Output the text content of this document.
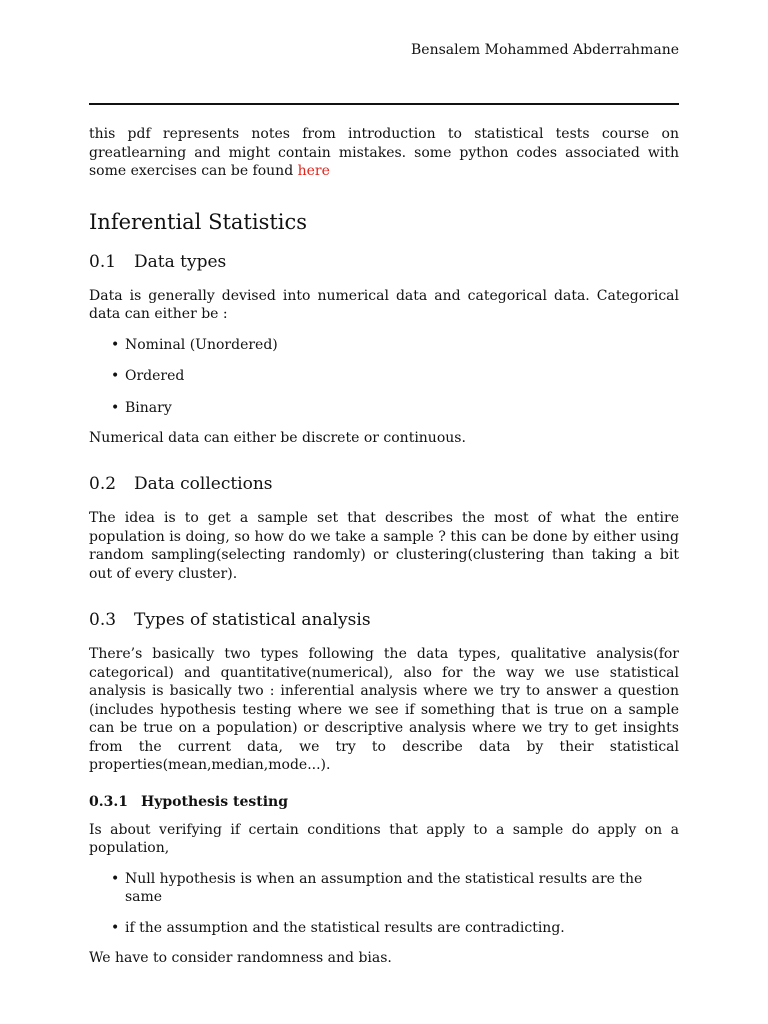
Bensalem Mohammed Abderrahmane

this pdf represents notes from introduction to statistical tests course on greatlearning and might contain mistakes. some python codes associated with some exercises can be found here

Inferential Statistics
0.1 Data types

Data is generally devised into numerical data and categorical data. Categorical data can either be :

• Nominal (Unordered)
• Ordered
• Binary

Numerical data can either be discrete or continuous.

0.2 Data collections

The idea is to get a sample set that describes the most of what the entire population is doing, so how do we take a sample ? this can be done by either using random sampling(selecting randomly) or clustering(clustering than taking a bit out of every cluster).

0.3 Types of statistical analysis

There’s basically two types following the data types, qualitative analysis(for categorical) and quantitative(numerical), also for the way we use statistical analysis is basically two : inferential analysis where we try to answer a question (includes hypothesis testing where we see if something that is true on a sample can be true on a population) or descriptive analysis where we try to get insights from the current data, we try to describe data by their statistical properties(mean,median,mode...).

0.3.1 Hypothesis testing

Is about verifying if certain conditions that apply to a sample do apply on a population,

• Null hypothesis is when an assumption and the statistical results are the same
• if the assumption and the statistical results are contradicting.

We have to consider randomness and bias.
